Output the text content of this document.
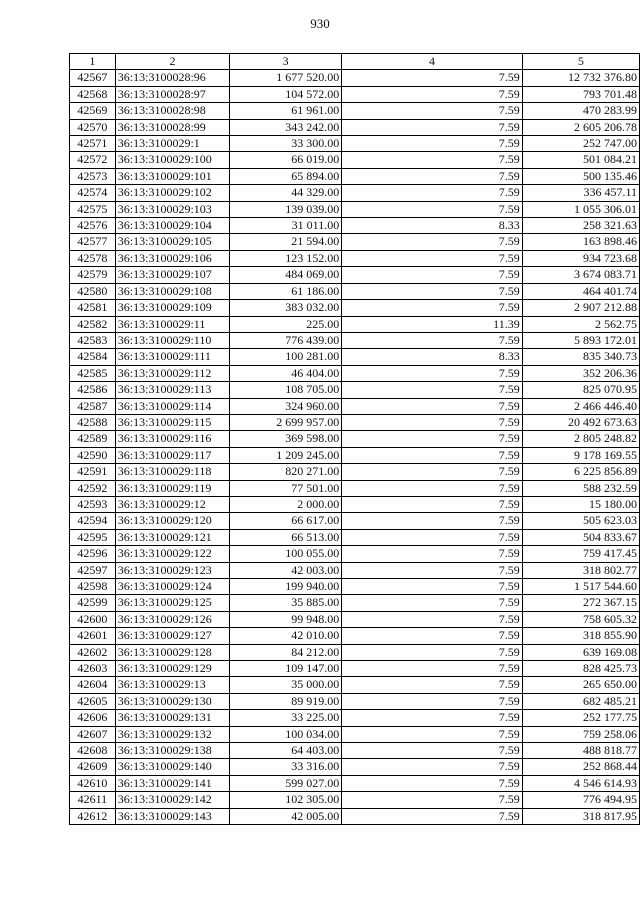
930
1	2	3	4	5
42567	36:13:3100028:96	1 677 520.00	7.59	12 732 376.80
42568	36:13:3100028:97	104 572.00	7.59	793 701.48
42569	36:13:3100028:98	61 961.00	7.59	470 283.99
42570	36:13:3100028:99	343 242.00	7.59	2 605 206.78
42571	36:13:3100029:1	33 300.00	7.59	252 747.00
42572	36:13:3100029:100	66 019.00	7.59	501 084.21
42573	36:13:3100029:101	65 894.00	7.59	500 135.46
42574	36:13:3100029:102	44 329.00	7.59	336 457.11
42575	36:13:3100029:103	139 039.00	7.59	1 055 306.01
42576	36:13:3100029:104	31 011.00	8.33	258 321.63
42577	36:13:3100029:105	21 594.00	7.59	163 898.46
42578	36:13:3100029:106	123 152.00	7.59	934 723.68
42579	36:13:3100029:107	484 069.00	7.59	3 674 083.71
42580	36:13:3100029:108	61 186.00	7.59	464 401.74
42581	36:13:3100029:109	383 032.00	7.59	2 907 212.88
42582	36:13:3100029:11	225.00	11.39	2 562.75
42583	36:13:3100029:110	776 439.00	7.59	5 893 172.01
42584	36:13:3100029:111	100 281.00	8.33	835 340.73
42585	36:13:3100029:112	46 404.00	7.59	352 206.36
42586	36:13:3100029:113	108 705.00	7.59	825 070.95
42587	36:13:3100029:114	324 960.00	7.59	2 466 446.40
42588	36:13:3100029:115	2 699 957.00	7.59	20 492 673.63
42589	36:13:3100029:116	369 598.00	7.59	2 805 248.82
42590	36:13:3100029:117	1 209 245.00	7.59	9 178 169.55
42591	36:13:3100029:118	820 271.00	7.59	6 225 856.89
42592	36:13:3100029:119	77 501.00	7.59	588 232.59
42593	36:13:3100029:12	2 000.00	7.59	15 180.00
42594	36:13:3100029:120	66 617.00	7.59	505 623.03
42595	36:13:3100029:121	66 513.00	7.59	504 833.67
42596	36:13:3100029:122	100 055.00	7.59	759 417.45
42597	36:13:3100029:123	42 003.00	7.59	318 802.77
42598	36:13:3100029:124	199 940.00	7.59	1 517 544.60
42599	36:13:3100029:125	35 885.00	7.59	272 367.15
42600	36:13:3100029:126	99 948.00	7.59	758 605.32
42601	36:13:3100029:127	42 010.00	7.59	318 855.90
42602	36:13:3100029:128	84 212.00	7.59	639 169.08
42603	36:13:3100029:129	109 147.00	7.59	828 425.73
42604	36:13:3100029:13	35 000.00	7.59	265 650.00
42605	36:13:3100029:130	89 919.00	7.59	682 485.21
42606	36:13:3100029:131	33 225.00	7.59	252 177.75
42607	36:13:3100029:132	100 034.00	7.59	759 258.06
42608	36:13:3100029:138	64 403.00	7.59	488 818.77
42609	36:13:3100029:140	33 316.00	7.59	252 868.44
42610	36:13:3100029:141	599 027.00	7.59	4 546 614.93
42611	36:13:3100029:142	102 305.00	7.59	776 494.95
42612	36:13:3100029:143	42 005.00	7.59	318 817.95
